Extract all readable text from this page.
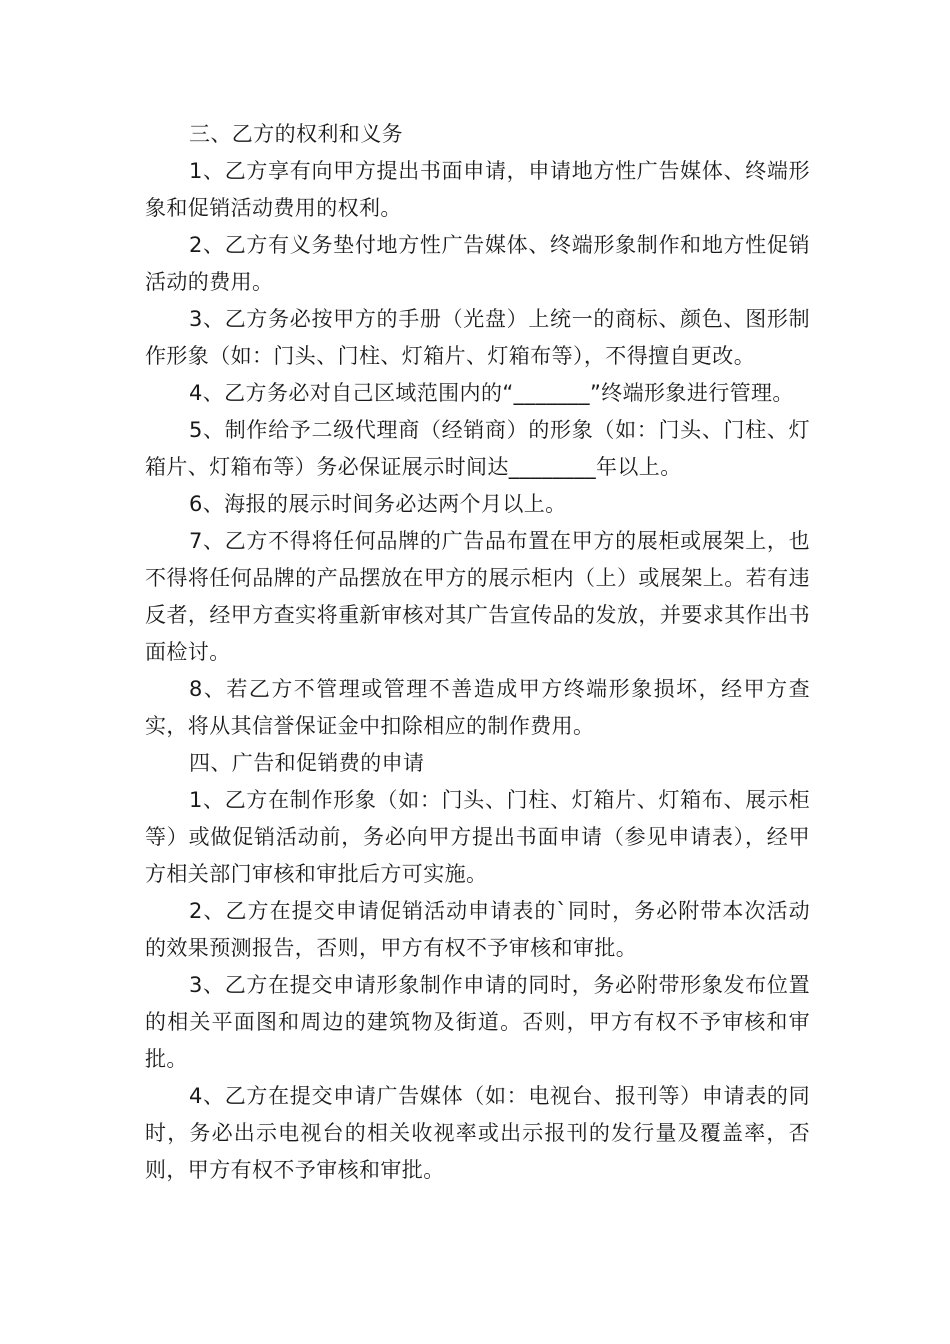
三、乙方的权利和义务

1、乙方享有向甲方提出书面申请，申请地方性广告媒体、终端形象和促销活动费用的权利。

2、乙方有义务垫付地方性广告媒体、终端形象制作和地方性促销活动的费用。

3、乙方务必按甲方的手册（光盘）上统一的商标、颜色、图形制作形象（如：门头、门柱、灯箱片、灯箱布等），不得擅自更改。

4、乙方务必对自己区域范围内的“_______”终端形象进行管理。

5、制作给予二级代理商（经销商）的形象（如：门头、门柱、灯箱片、灯箱布等）务必保证展示时间达________年以上。

6、海报的展示时间务必达两个月以上。

7、乙方不得将任何品牌的广告品布置在甲方的展柜或展架上，也不得将任何品牌的产品摆放在甲方的展示柜内（上）或展架上。若有违反者，经甲方查实将重新审核对其广告宣传品的发放，并要求其作出书面检讨。

8、若乙方不管理或管理不善造成甲方终端形象损坏，经甲方查实，将从其信誉保证金中扣除相应的制作费用。

四、广告和促销费的申请

1、乙方在制作形象（如：门头、门柱、灯箱片、灯箱布、展示柜等）或做促销活动前，务必向甲方提出书面申请（参见申请表），经甲方相关部门审核和审批后方可实施。

2、乙方在提交申请促销活动申请表的`同时，务必附带本次活动的效果预测报告，否则，甲方有权不予审核和审批。

3、乙方在提交申请形象制作申请的同时，务必附带形象发布位置的相关平面图和周边的建筑物及街道。否则，甲方有权不予审核和审批。

4、乙方在提交申请广告媒体（如：电视台、报刊等）申请表的同时，务必出示电视台的相关收视率或出示报刊的发行量及覆盖率，否则，甲方有权不予审核和审批。
